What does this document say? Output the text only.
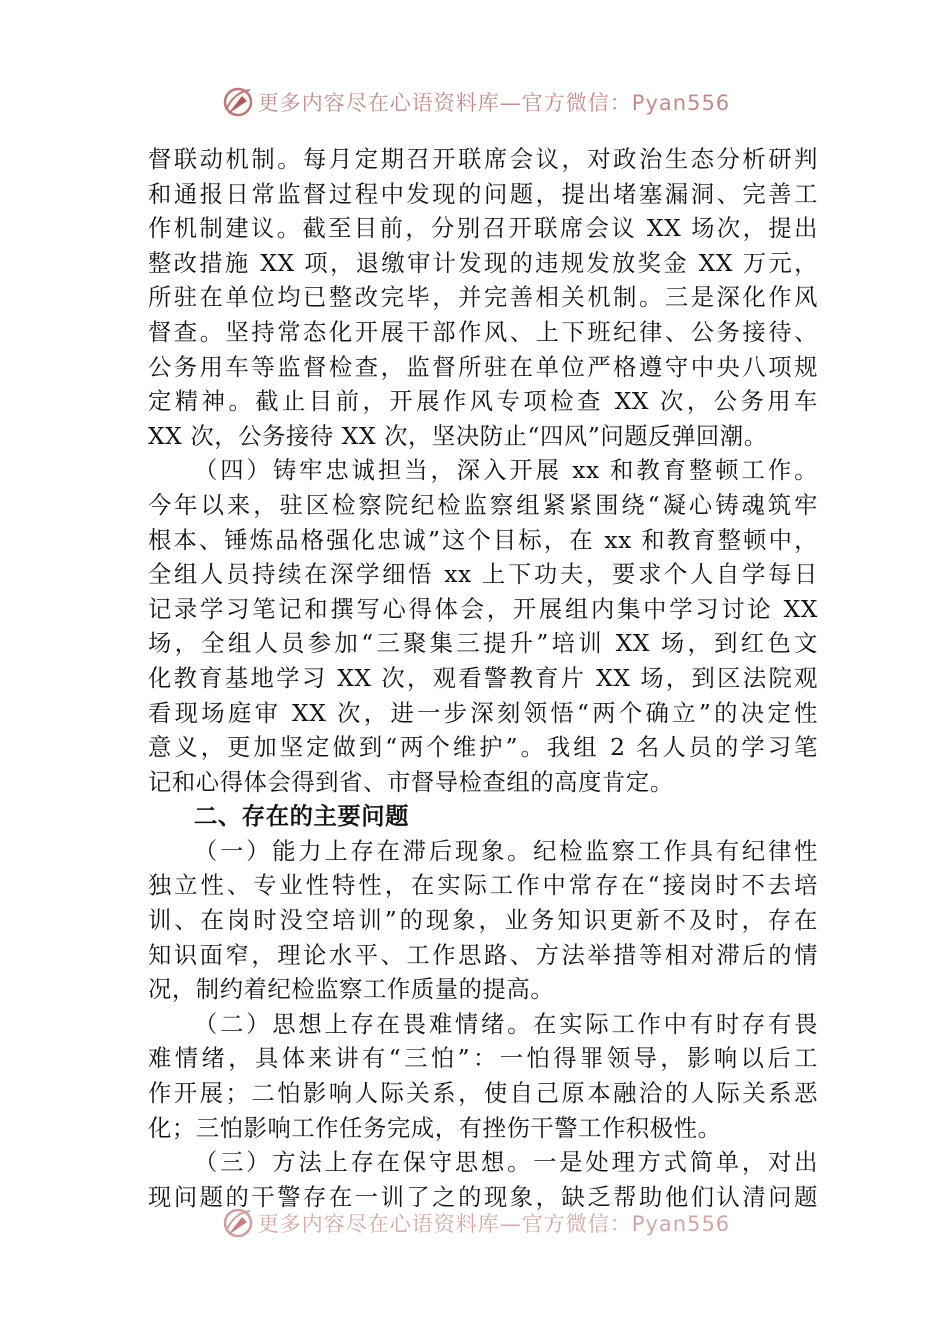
更多内容尽在心语资料库—官方微信：Pyan556
督联动机制。每月定期召开联席会议，对政治生态分析研判
和通报日常监督过程中发现的问题，提出堵塞漏洞、完善工
作机制建议。截至目前，分别召开联席会议 XX 场次，提出
整改措施 XX 项，退缴审计发现的违规发放奖金 XX 万元，
所驻在单位均已整改完毕，并完善相关机制。三是深化作风
督查。坚持常态化开展干部作风、上下班纪律、公务接待、
公务用车等监督检查，监督所驻在单位严格遵守中央八项规
定精神。截止目前，开展作风专项检查 XX 次，公务用车
XX 次，公务接待 XX 次，坚决防止“四风”问题反弹回潮。
（四）铸牢忠诚担当，深入开展 xx 和教育整顿工作。
今年以来，驻区检察院纪检监察组紧紧围绕“凝心铸魂筑牢
根本、锤炼品格强化忠诚”这个目标，在 xx 和教育整顿中，
全组人员持续在深学细悟 xx 上下功夫，要求个人自学每日
记录学习笔记和撰写心得体会，开展组内集中学习讨论 XX
场，全组人员参加“三聚集三提升”培训 XX 场，到红色文
化教育基地学习 XX 次，观看警教育片 XX 场，到区法院观
看现场庭审 XX 次，进一步深刻领悟“两个确立”的决定性
意义，更加坚定做到“两个维护”。我组 2 名人员的学习笔
记和心得体会得到省、市督导检查组的高度肯定。
二、存在的主要问题
（一）能力上存在滞后现象。纪检监察工作具有纪律性
独立性、专业性特性，在实际工作中常存在“接岗时不去培
训、在岗时没空培训”的现象，业务知识更新不及时，存在
知识面窄，理论水平、工作思路、方法举措等相对滞后的情
况，制约着纪检监察工作质量的提高。
（二）思想上存在畏难情绪。在实际工作中有时存有畏
难情绪，具体来讲有“三怕”：一怕得罪领导，影响以后工
作开展；二怕影响人际关系，使自己原本融洽的人际关系恶
化；三怕影响工作任务完成，有挫伤干警工作积极性。
（三）方法上存在保守思想。一是处理方式简单，对出
现问题的干警存在一训了之的现象，缺乏帮助他们认清问题
更多内容尽在心语资料库—官方微信：Pyan556
